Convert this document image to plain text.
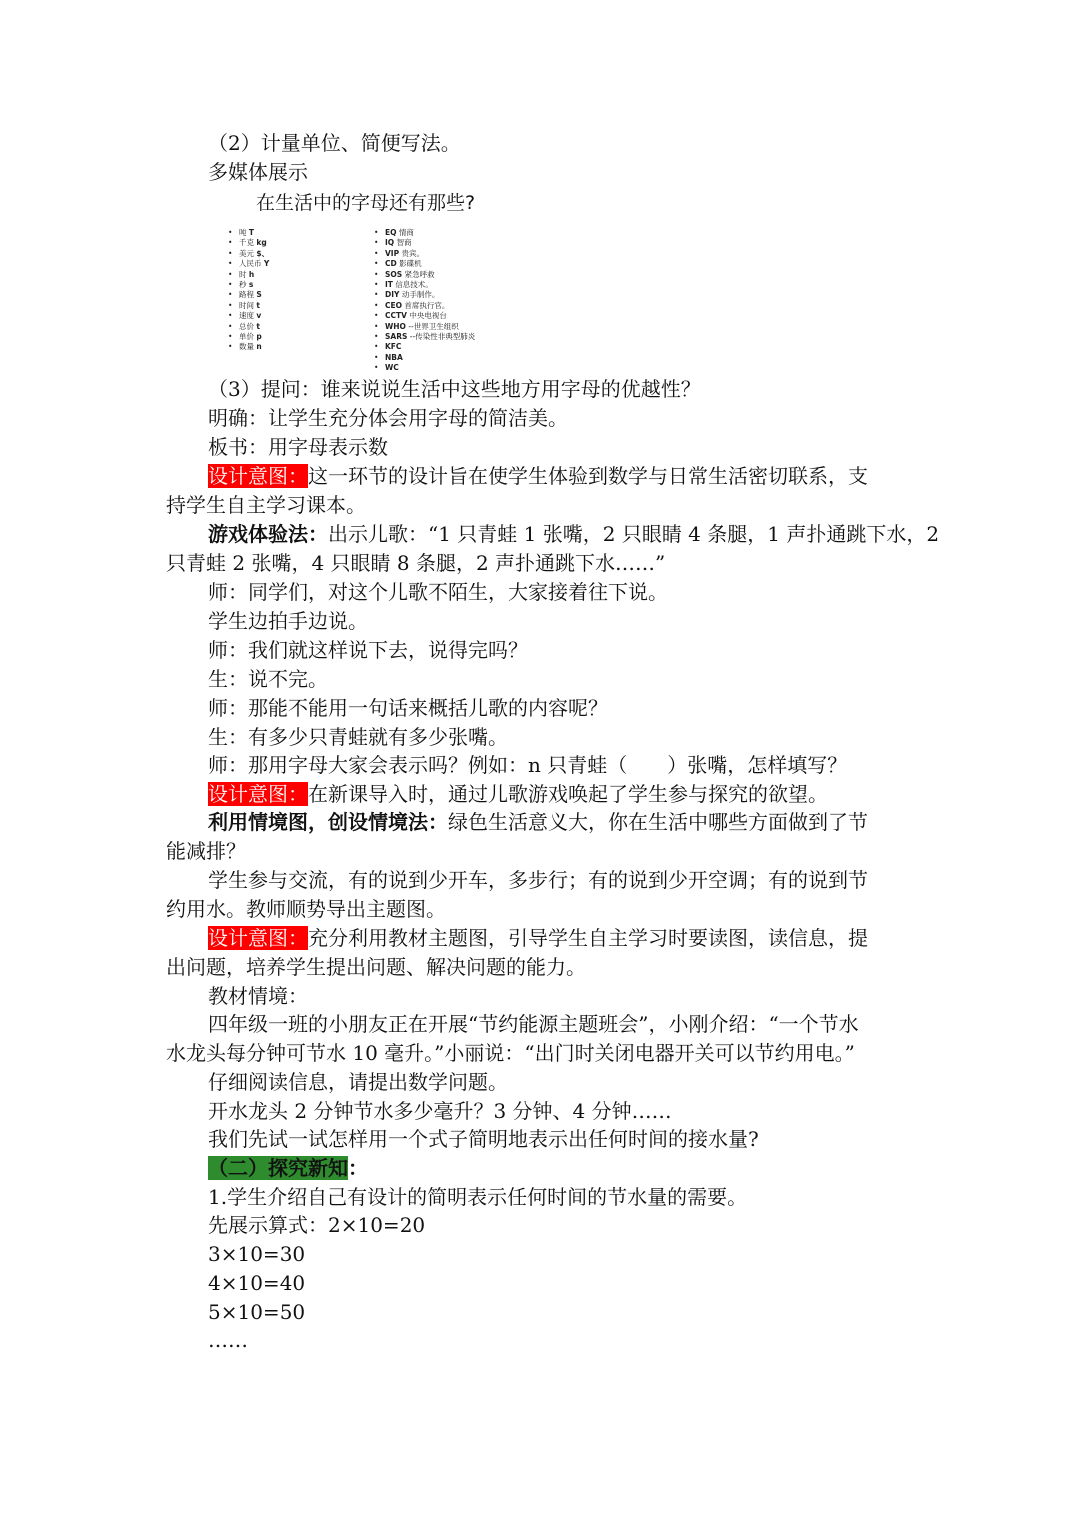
（2）计量单位、简便写法。
多媒体展示
在生活中的字母还有那些?
• 吨 T
• 千克 kg
• 美元 $、
• 人民币 Y
• 时 h
• 秒 s
• 路程 S
• 时间 t
• 速度 v
• 总价 t
• 单价 p
• 数量 n
• EQ 情商
• IQ 智商
• VIP 贵宾。
• CD 影碟机
• SOS 紧急呼救
• IT 信息技术。
• DIY 动手制作。
• CEO 首席执行官。
• CCTV 中央电视台
• WHO --世界卫生组织
• SARS --传染性非典型肺炎
• KFC
• NBA
• WC
（3）提问：谁来说说生活中这些地方用字母的优越性？
明确：让学生充分体会用字母的简洁美。
板书：用字母表示数
设计意图：这一环节的设计旨在使学生体验到数学与日常生活密切联系，支
持学生自主学习课本。
游戏体验法：出示儿歌：“1 只青蛙 1 张嘴，2 只眼睛 4 条腿，1 声扑通跳下水，2
只青蛙 2 张嘴，4 只眼睛 8 条腿，2 声扑通跳下水……”
师：同学们，对这个儿歌不陌生，大家接着往下说。
学生边拍手边说。
师：我们就这样说下去，说得完吗？
生：说不完。
师：那能不能用一句话来概括儿歌的内容呢？
生：有多少只青蛙就有多少张嘴。
师：那用字母大家会表示吗？例如：n 只青蛙（　　）张嘴，怎样填写？
设计意图：在新课导入时，通过儿歌游戏唤起了学生参与探究的欲望。
利用情境图，创设情境法：绿色生活意义大，你在生活中哪些方面做到了节
能减排？
学生参与交流，有的说到少开车，多步行；有的说到少开空调；有的说到节
约用水。教师顺势导出主题图。
设计意图：充分利用教材主题图，引导学生自主学习时要读图，读信息，提
出问题，培养学生提出问题、解决问题的能力。
教材情境：
四年级一班的小朋友正在开展“节约能源主题班会”，小刚介绍：“一个节水
水龙头每分钟可节水 10 毫升。”小丽说：“出门时关闭电器开关可以节约用电。”
仔细阅读信息，请提出数学问题。
开水龙头 2 分钟节水多少毫升？3 分钟、4 分钟……
我们先试一试怎样用一个式子简明地表示出任何时间的接水量?
（二）探究新知：
1.学生介绍自己有设计的简明表示任何时间的节水量的需要。
先展示算式：2×10=20
3×10=30
4×10=40
5×10=50
……
